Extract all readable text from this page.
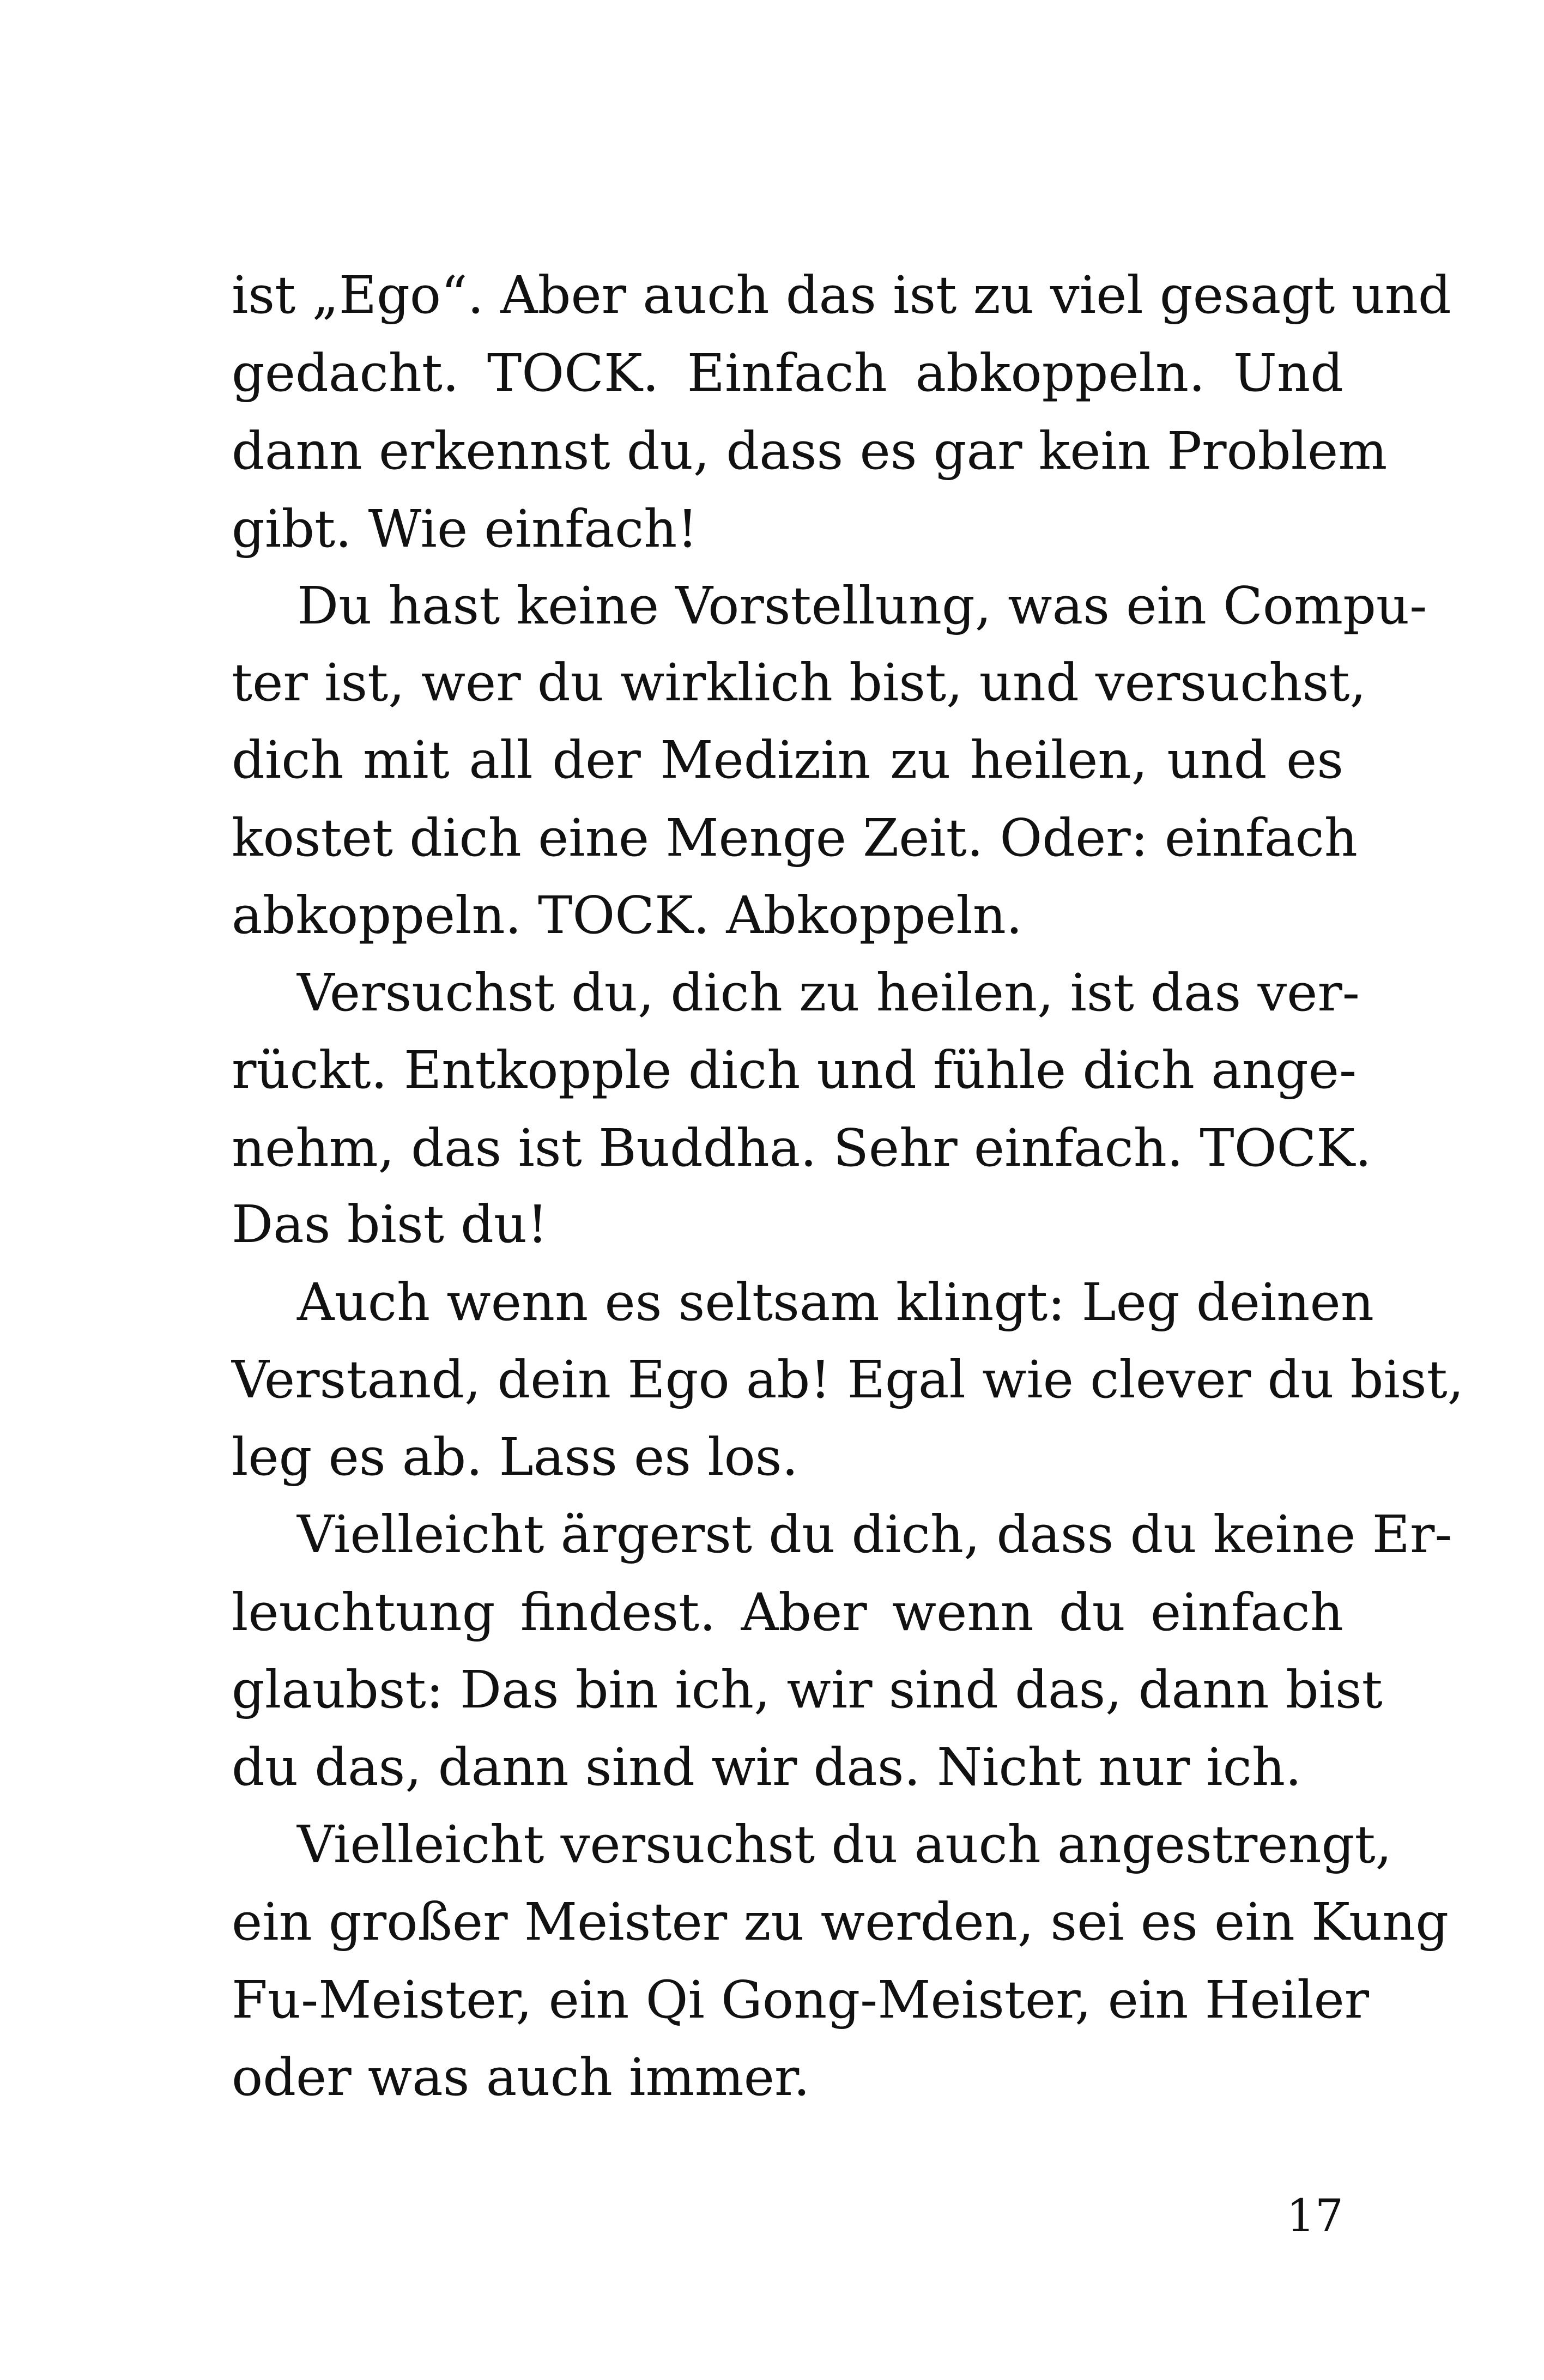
ist „Ego“. Aber auch das ist zu viel gesagt und
gedacht. TOCK. Einfach abkoppeln. Und
dann erkennst du, dass es gar kein Problem
gibt. Wie einfach!
Du hast keine Vorstellung, was ein Compu-
ter ist, wer du wirklich bist, und versuchst,
dich mit all der Medizin zu heilen, und es
kostet dich eine Menge Zeit. Oder: einfach
abkoppeln. TOCK. Abkoppeln.
Versuchst du, dich zu heilen, ist das ver-
rückt. Entkopple dich und fühle dich ange-
nehm, das ist Buddha. Sehr einfach. TOCK.
Das bist du!
Auch wenn es seltsam klingt: Leg deinen
Verstand, dein Ego ab! Egal wie clever du bist,
leg es ab. Lass es los.
Vielleicht ärgerst du dich, dass du keine Er-
leuchtung findest. Aber wenn du einfach
glaubst: Das bin ich, wir sind das, dann bist
du das, dann sind wir das. Nicht nur ich.
Vielleicht versuchst du auch angestrengt,
ein großer Meister zu werden, sei es ein Kung
Fu-Meister, ein Qi Gong-Meister, ein Heiler
oder was auch immer.
17
